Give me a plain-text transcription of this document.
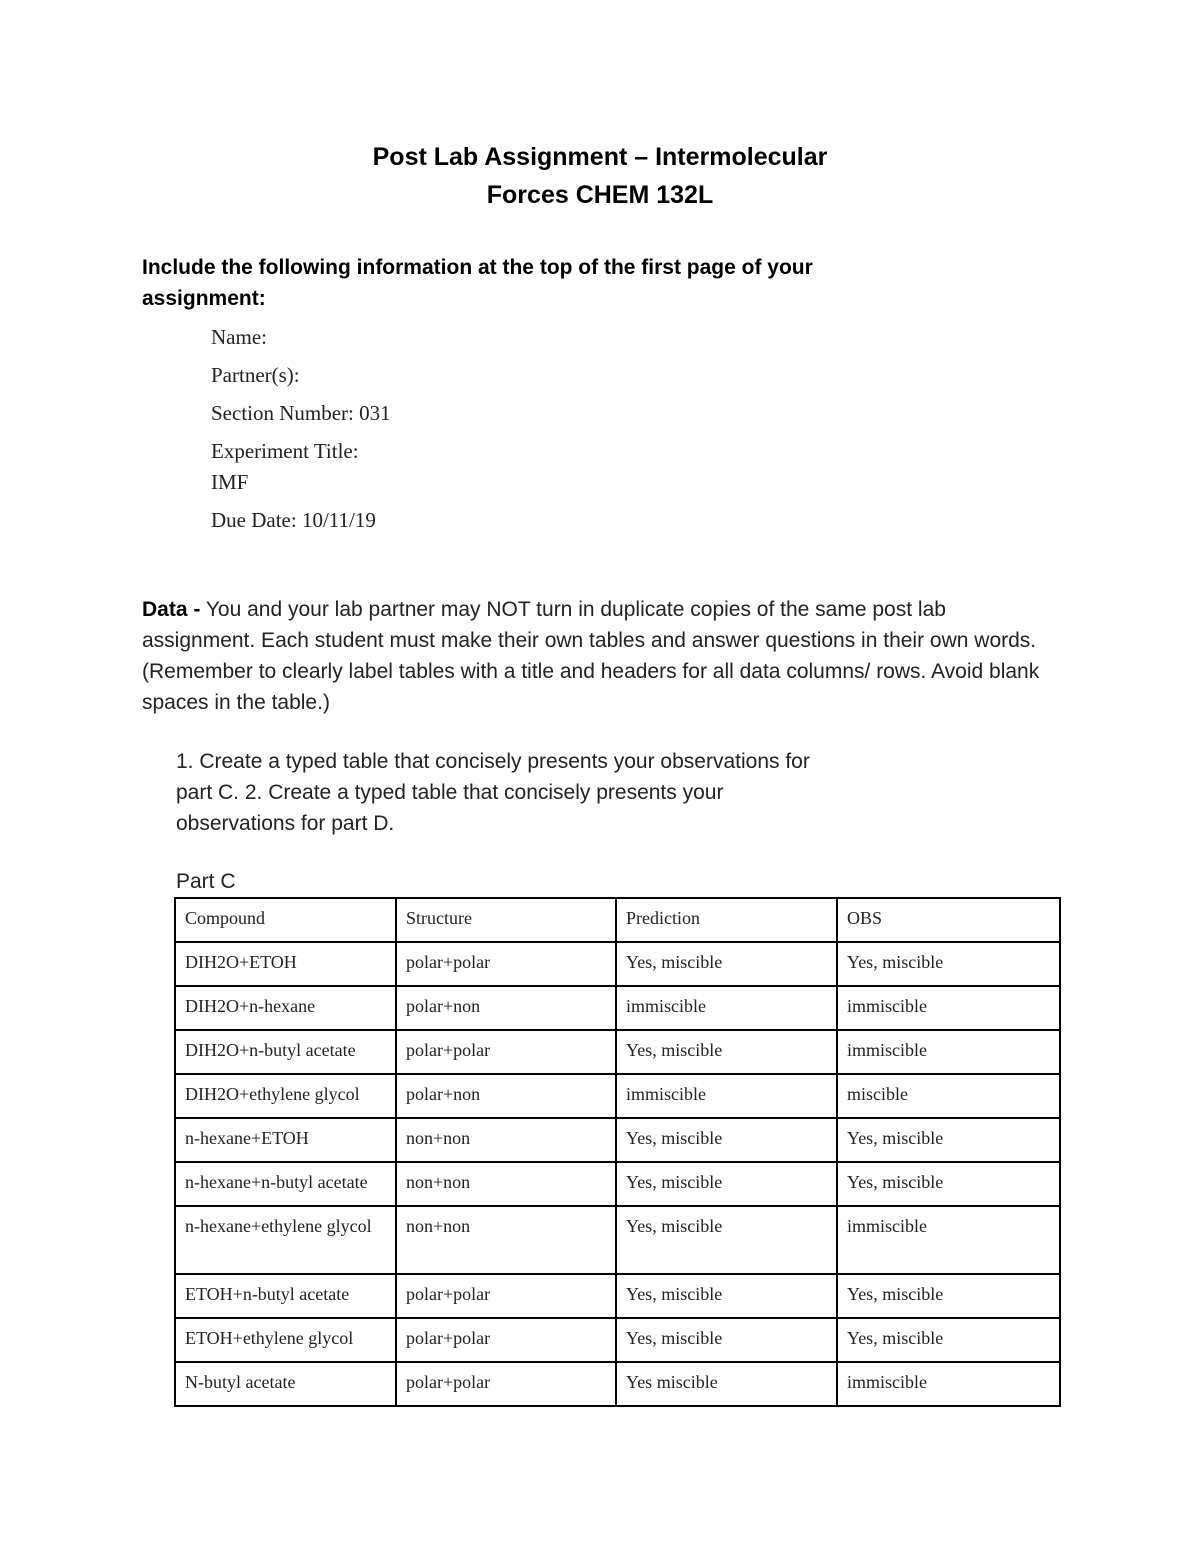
Post Lab Assignment – Intermolecular
Forces CHEM 132L
Include the following information at the top of the first page of your assignment:
Name:
Partner(s):
Section Number: 031
Experiment Title:
IMF
Due Date: 10/11/19
Data - You and your lab partner may NOT turn in duplicate copies of the same post lab assignment. Each student must make their own tables and answer questions in their own words. (Remember to clearly label tables with a title and headers for all data columns/ rows. Avoid blank spaces in the table.)
1. Create a typed table that concisely presents your observations for
part C. 2. Create a typed table that concisely presents your
observations for part D.
Part C
Compound	Structure	Prediction	OBS
DIH2O+ETOH	polar+polar	Yes, miscible	Yes, miscible
DIH2O+n-hexane	polar+non	immiscible	immiscible
DIH2O+n-butyl acetate	polar+polar	Yes, miscible	immiscible
DIH2O+ethylene glycol	polar+non	immiscible	miscible
n-hexane+ETOH	non+non	Yes, miscible	Yes, miscible
n-hexane+n-butyl acetate	non+non	Yes, miscible	Yes, miscible
n-hexane+ethylene glycol	non+non	Yes, miscible	immiscible
ETOH+n-butyl acetate	polar+polar	Yes, miscible	Yes, miscible
ETOH+ethylene glycol	polar+polar	Yes, miscible	Yes, miscible
N-butyl acetate	polar+polar	Yes miscible	immiscible
